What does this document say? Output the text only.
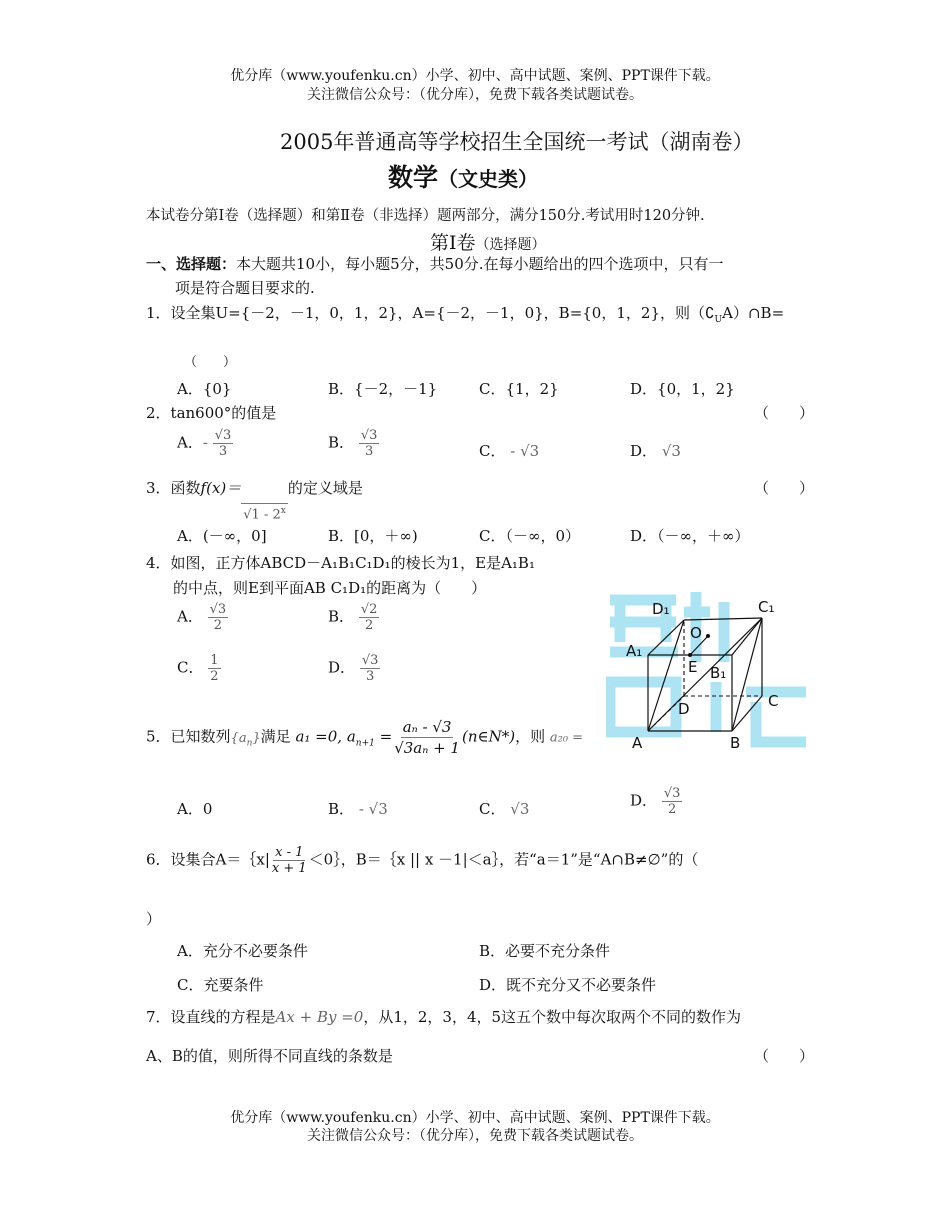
优分库（www.youfenku.cn）小学、初中、高中试题、案例、PPT课件下载。
关注微信公众号：（优分库），免费下载各类试题试卷。
2005年普通高等学校招生全国统一考试（湖南卷）
数学（文史类）
本试卷分第Ⅰ卷（选择题）和第Ⅱ卷（非选择）题两部分，满分150分.考试用时120分钟.
第Ⅰ卷（选择题）
一、选择题：本大题共10小，每小题5分，共50分.在每小题给出的四个选项中，只有一
项是符合题目要求的.
1．设全集U={－2，－1，0，1，2}，A={－2，－1，0}，B={0，1，2}，则$(∁_UA)\cap B=$
（　　）
A．{0}	B．{－2，－1}	C．{1，2}	D．{0，1，2}
2．tan600°的值是	（　　）
A．- $\frac{√3}{3}$	B． $\frac{√3}{3}$	C． - √3	D． √3
3．函数f(x)＝
√1 - 2$^x$
的定义域是	（　　）
A．(－∞，0]	B．[0，＋∞)	C．（－∞，0）	D．（－∞，＋∞）
4．如图，正方体ABCD－A₁B₁C₁D₁的棱长为1，E是A₁B₁
的中点，则E到平面AB C₁D₁的距离为（　　）
A． $\frac{√3}{2}$	B． $\frac{√2}{2}$
C． $\frac{1}{2}$	D． $\frac{√3}{3}$
A	B
C
D
A₁
B₁
C₁
D₁
E
O
5．已知数列$\{a_n\}$满足 a₁ =0, $a_{n+1} = \frac{\text{aₙ - √3}}{\text{√3aₙ + 1}}$ (n∈N*)，则 a₂₀ =
A．0	B． - √3	C． √3	D． $\frac{√3}{2}$
6．设集合A＝｛x| $\frac{x - 1}{x + 1}$ ＜0｝，B＝｛x || x －1|＜a｝，若“a＝1”是“A∩B≠∅”的（
）
A．充分不必要条件	B．必要不充分条件
C．充要条件	D．既不充分又不必要条件
7．设直线的方程是Ax + By =0，从1，2，3，4，5这五个数中每次取两个不同的数作为
A、B的值，则所得不同直线的条数是	（　　）
优分库（www.youfenku.cn）小学、初中、高中试题、案例、PPT课件下载。
关注微信公众号：（优分库），免费下载各类试题试卷。
